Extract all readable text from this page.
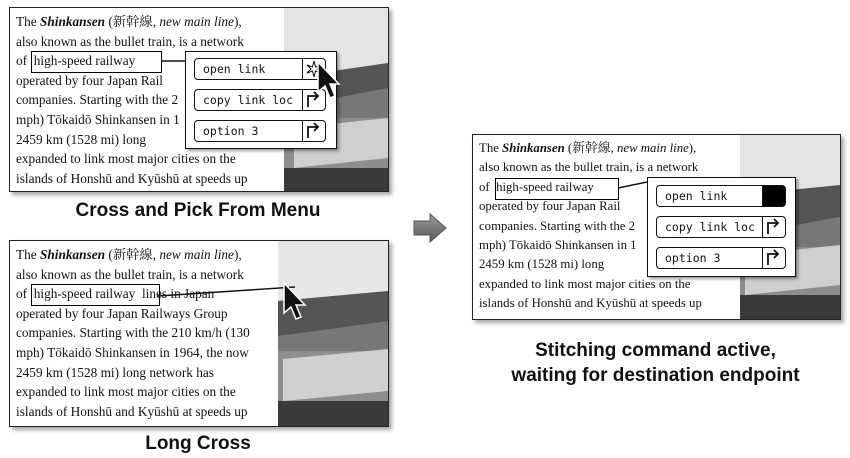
The Shinkansen (新幹線, new main line),
also known as the bullet train, is a network
of high-speed railway
operated by four Japan Rail
companies. Starting with the 2
mph) Tōkaidō Shinkansen in 1
2459 km (1528 mi) long
expanded to link most major cities on the
islands of Honshū and Kyūshū at speeds up
open link
copy link loc
option 3
Cross and Pick From Menu
The Shinkansen (新幹線, new main line),
also known as the bullet train, is a network
of high-speed railway lines in Japan
operated by four Japan Railways Group
companies. Starting with the 210 km/h (130
mph) Tōkaidō Shinkansen in 1964, the now
2459 km (1528 mi) long network has
expanded to link most major cities on the
islands of Honshū and Kyūshū at speeds up
Long Cross
The Shinkansen (新幹線, new main line),
also known as the bullet train, is a network
of high-speed railway
operated by four Japan Rail
companies. Starting with the 2
mph) Tōkaidō Shinkansen in 1
2459 km (1528 mi) long
expanded to link most major cities on the
islands of Honshū and Kyūshū at speeds up
open link
copy link loc
option 3
Stitching command active,
waiting for destination endpoint
